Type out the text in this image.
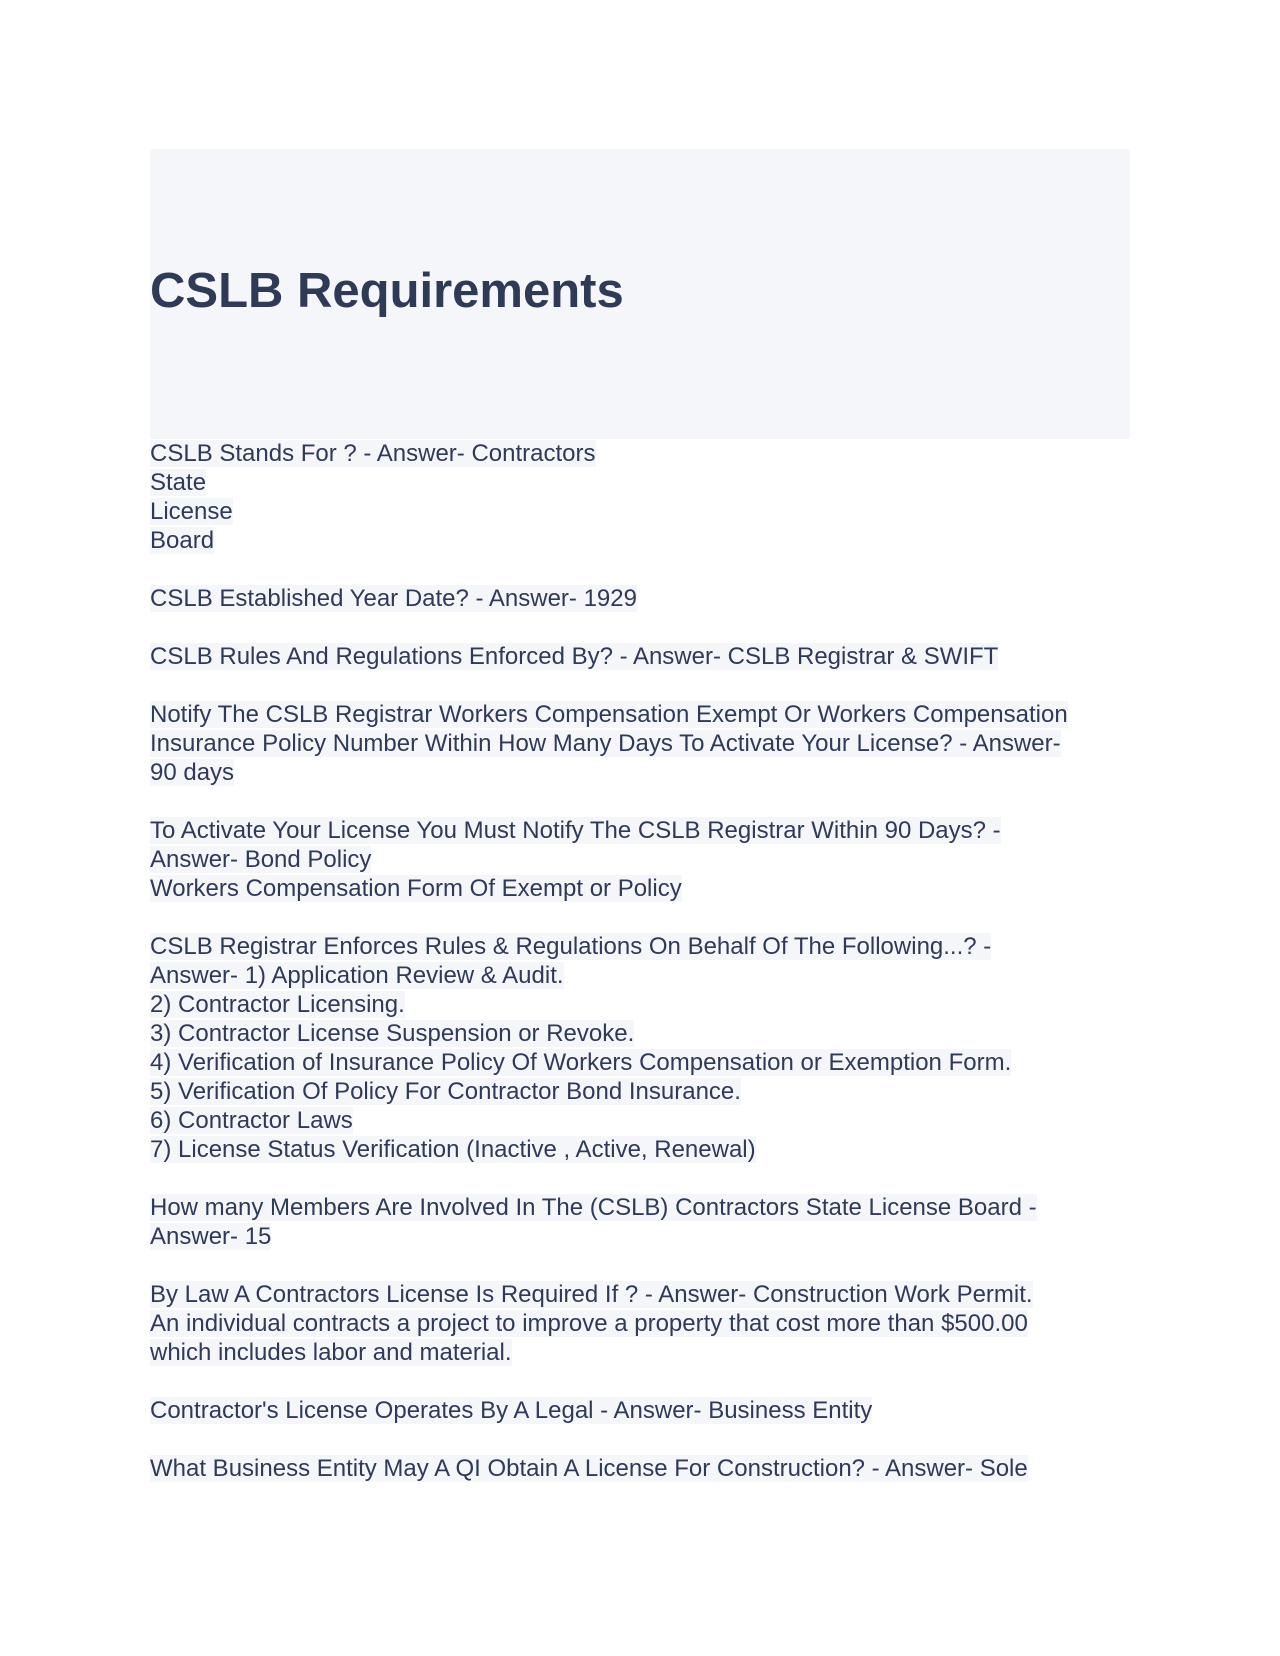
CSLB Requirements
CSLB Stands For ? - Answer- Contractors
State
License
Board
CSLB Established Year Date? - Answer- 1929
CSLB Rules And Regulations Enforced By? - Answer- CSLB Registrar & SWIFT
Notify The CSLB Registrar Workers Compensation Exempt Or Workers Compensation
Insurance Policy Number Within How Many Days To Activate Your License? - Answer-
90 days
To Activate Your License You Must Notify The CSLB Registrar Within 90 Days? -
Answer- Bond Policy
Workers Compensation Form Of Exempt or Policy
CSLB Registrar Enforces Rules & Regulations On Behalf Of The Following...? -
Answer- 1) Application Review & Audit.
2) Contractor Licensing.
3) Contractor License Suspension or Revoke.
4) Verification of Insurance Policy Of Workers Compensation or Exemption Form.
5) Verification Of Policy For Contractor Bond Insurance.
6) Contractor Laws
7) License Status Verification (Inactive , Active, Renewal)
How many Members Are Involved In The (CSLB) Contractors State License Board -
Answer- 15
By Law A Contractors License Is Required If ? - Answer- Construction Work Permit.
An individual contracts a project to improve a property that cost more than $500.00
which includes labor and material.
Contractor's License Operates By A Legal - Answer- Business Entity
What Business Entity May A QI Obtain A License For Construction? - Answer- Sole
